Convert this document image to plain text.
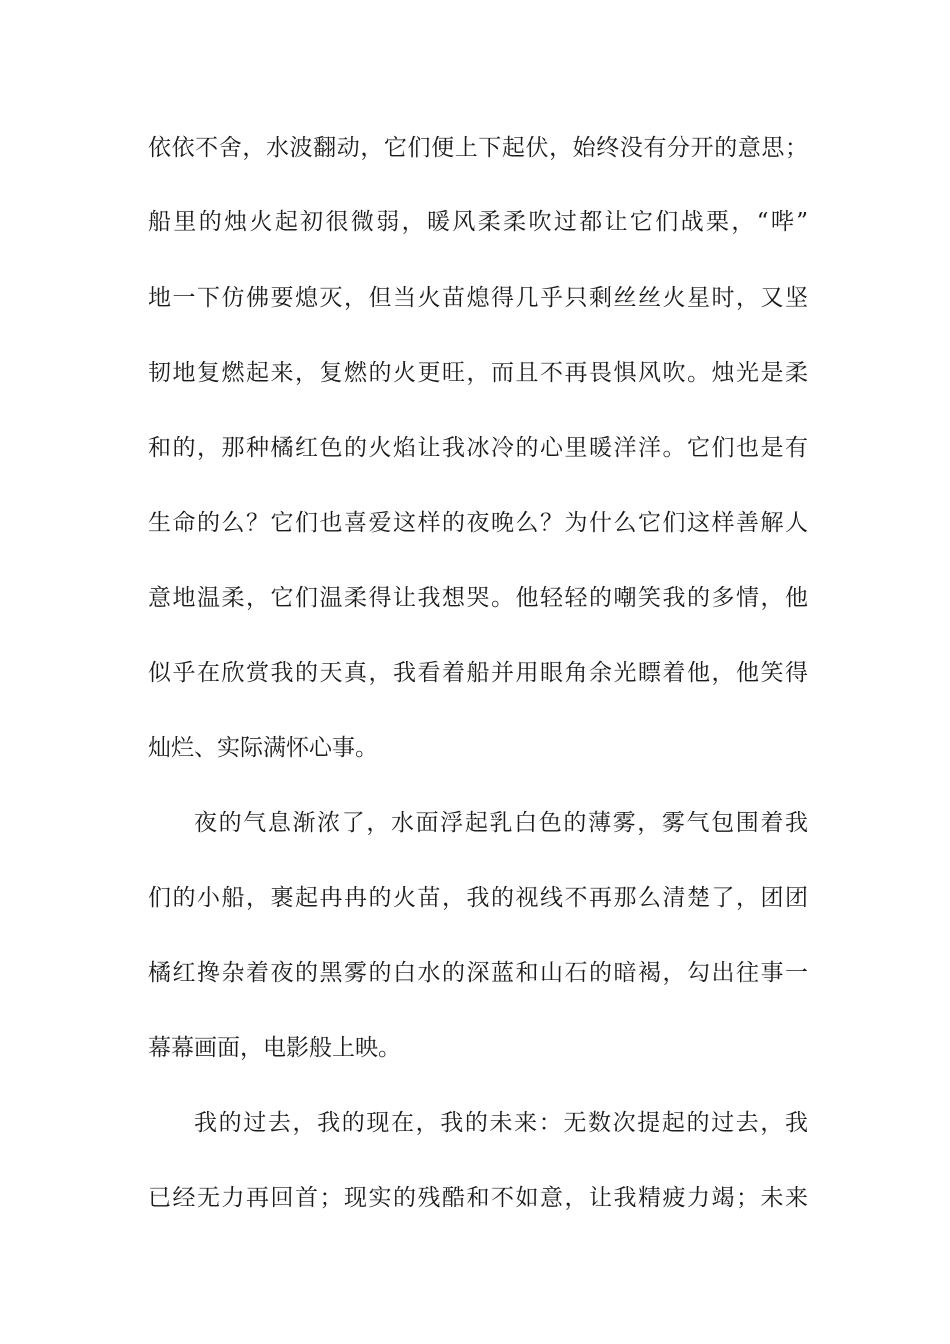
依依不舍，水波翻动，它们便上下起伏，始终没有分开的意思；
船里的烛火起初很微弱，暖风柔柔吹过都让它们战栗，“哔”
地一下仿佛要熄灭，但当火苗熄得几乎只剩丝丝火星时，又坚
韧地复燃起来，复燃的火更旺，而且不再畏惧风吹。烛光是柔
和的，那种橘红色的火焰让我冰冷的心里暖洋洋。它们也是有
生命的么？它们也喜爱这样的夜晚么？为什么它们这样善解人
意地温柔，它们温柔得让我想哭。他轻轻的嘲笑我的多情，他
似乎在欣赏我的天真，我看着船并用眼角余光瞟着他，他笑得
灿烂、实际满怀心事。
夜的气息渐浓了，水面浮起乳白色的薄雾，雾气包围着我
们的小船，裹起冉冉的火苗，我的视线不再那么清楚了，团团
橘红搀杂着夜的黑雾的白水的深蓝和山石的暗褐，勾出往事一
幕幕画面，电影般上映。
我的过去，我的现在，我的未来：无数次提起的过去，我
已经无力再回首；现实的残酷和不如意，让我精疲力竭；未来
